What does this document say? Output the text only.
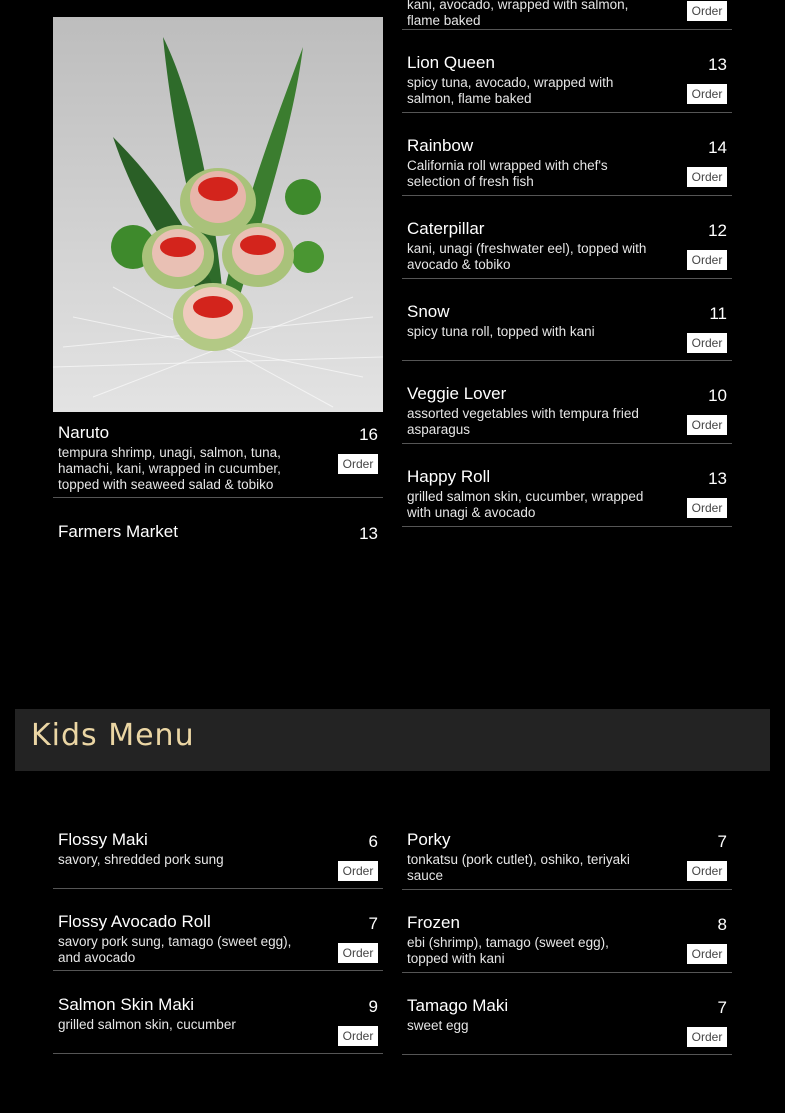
Naruto
tempura shrimp, unagi, salmon, tuna, hamachi, kani, wrapped in cucumber, topped with seaweed salad & tobiko
16
Order
Farmers Market	13
kani, avocado, wrapped with salmon, flame baked
Order
Lion Queen
spicy tuna, avocado, wrapped with salmon, flame baked
13
Order
Rainbow
California roll wrapped with chef's selection of fresh fish
14
Order
Caterpillar
kani, unagi (freshwater eel), topped with avocado & tobiko
12
Order
Snow
spicy tuna roll, topped with kani
11
Order
Veggie Lover
assorted vegetables with tempura fried asparagus
10
Order
Happy Roll
grilled salmon skin, cucumber, wrapped with unagi & avocado
13
Order
Kids Menu
Flossy Maki
savory, shredded pork sung
6
Order
Flossy Avocado Roll
savory pork sung, tamago (sweet egg), and avocado
7
Order
Salmon Skin Maki
grilled salmon skin, cucumber
9
Order
Porky
tonkatsu (pork cutlet), oshiko, teriyaki sauce
7
Order
Frozen
ebi (shrimp), tamago (sweet egg), topped with kani
8
Order
Tamago Maki
sweet egg
7
Order
